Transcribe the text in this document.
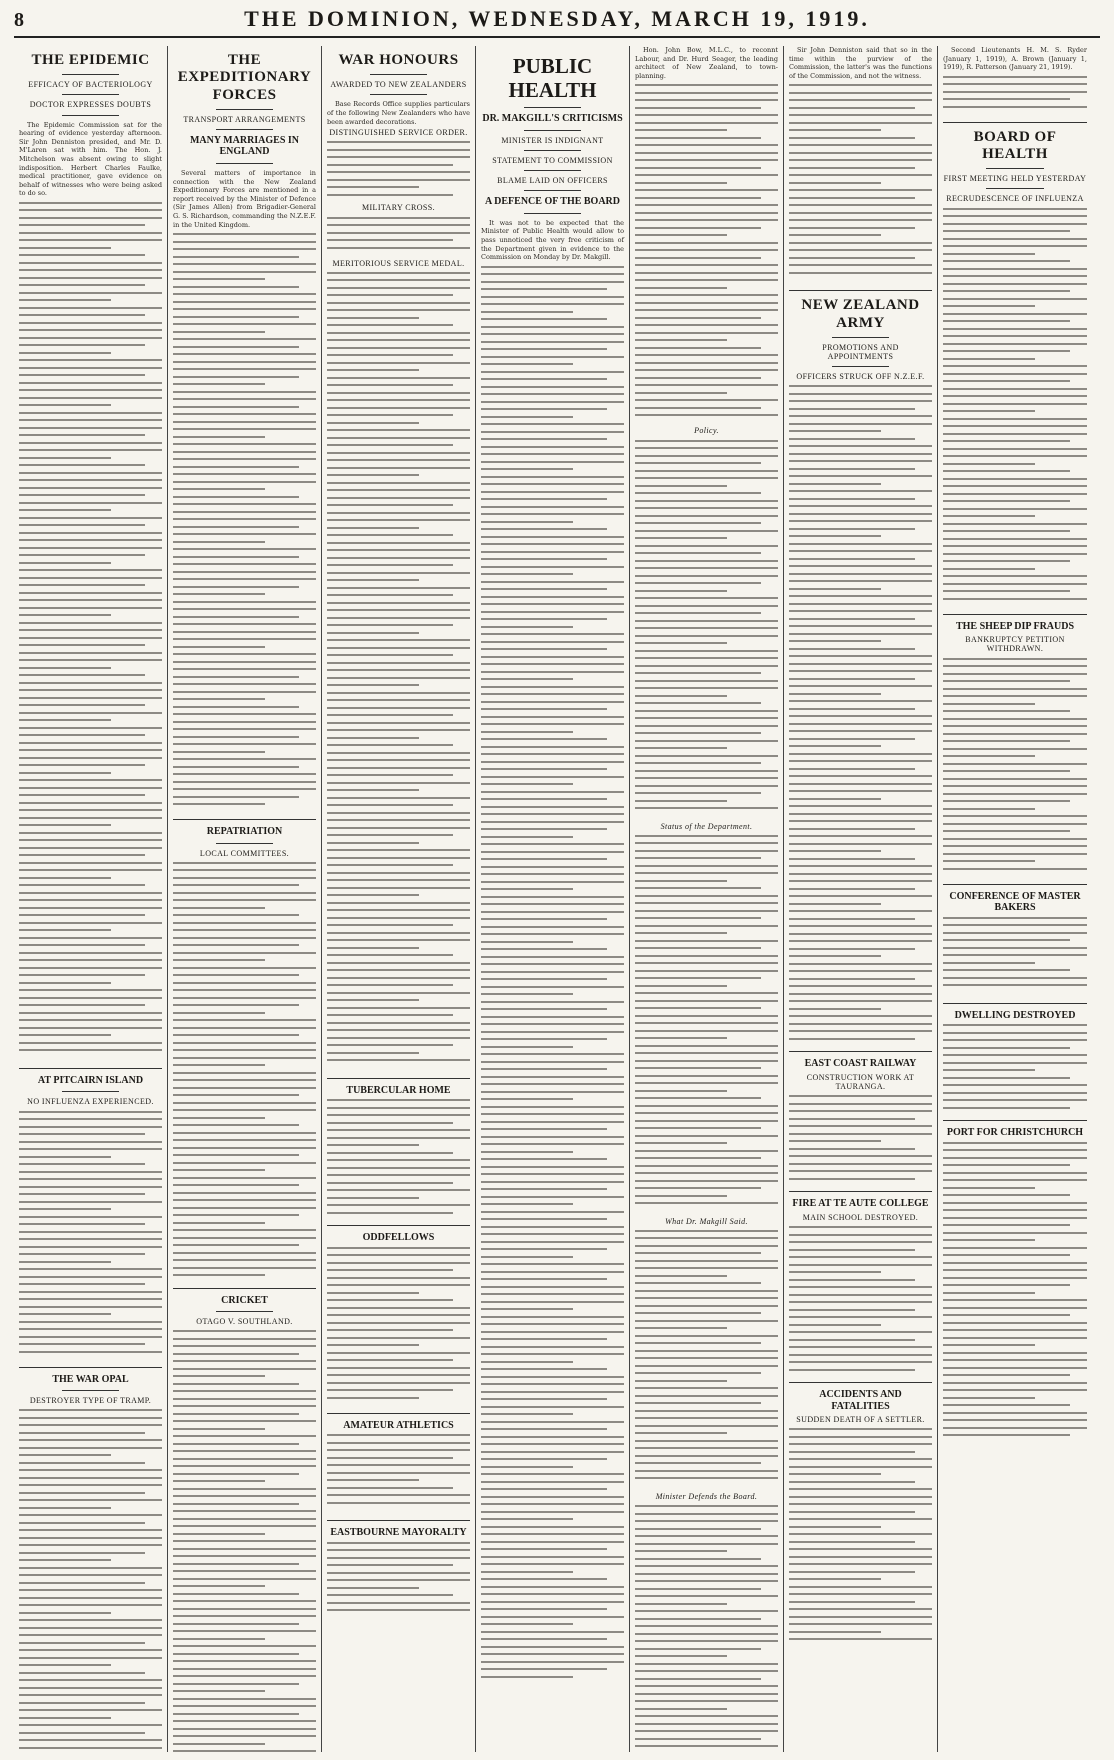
8	THE DOMINION, WEDNESDAY, MARCH 19, 1919.
THE EPIDEMIC
EFFICACY OF BACTERIOLOGY
DOCTOR EXPRESSES DOUBTS

The Epidemic Commission sat for the hearing of evidence yesterday afternoon. Sir John Denniston presided, and Mr. D. M'Laren sat with him. The Hon. J. Mitchelson was absent owing to slight indisposition. Herbert Charles Faulke, medical practitioner, gave evidence on behalf of witnesses who were being asked to do so.

AT PITCAIRN ISLAND
NO INFLUENZA EXPERIENCED.
THE WAR OPAL
DESTROYER TYPE OF TRAMP.
THE EXPEDITIONARY FORCES
TRANSPORT ARRANGEMENTS
MANY MARRIAGES IN ENGLAND

Several matters of importance in connection with the New Zealand Expeditionary Forces are mentioned in a report received by the Minister of Defence (Sir James Allen) from Brigadier-General G. S. Richardson, commanding the N.Z.E.F. in the United Kingdom.

REPATRIATION
LOCAL COMMITTEES.
CRICKET
OTAGO V. SOUTHLAND.
WAR HONOURS
AWARDED TO NEW ZEALANDERS

Base Records Office supplies particulars of the following New Zealanders who have been awarded decorations.

DISTINGUISHED SERVICE ORDER.
MILITARY CROSS.
MERITORIOUS SERVICE MEDAL.
TUBERCULAR HOME
ODDFELLOWS
AMATEUR ATHLETICS
EASTBOURNE MAYORALTY
PUBLIC HEALTH
DR. MAKGILL'S CRITICISMS
MINISTER IS INDIGNANT
STATEMENT TO COMMISSION
BLAME LAID ON OFFICERS
A DEFENCE OF THE BOARD

It was not to be expected that the Minister of Public Health would allow to pass unnoticed the very free criticism of the Department given in evidence to the Commission on Monday by Dr. Makgill.

Hon. John Bow, M.L.C., to reconnt Labour, and Dr. Hurd Seager, the leading architect of New Zealand, to town-planning.

Policy.
Status of the Department.
What Dr. Makgill Said.
Minister Defends the Board.

Sir John Denniston said that so in the time within the purview of the Commission, the latter's was the functions of the Commission, and not the witness.

NEW ZEALAND ARMY
PROMOTIONS AND APPOINTMENTS
OFFICERS STRUCK OFF N.Z.E.F.
EAST COAST RAILWAY
CONSTRUCTION WORK AT TAURANGA.
FIRE AT TE AUTE COLLEGE
MAIN SCHOOL DESTROYED.
ACCIDENTS AND FATALITIES
SUDDEN DEATH OF A SETTLER.

Second Lieutenants H. M. S. Ryder (January 1, 1919), A. Brown (January 1, 1919), R. Patterson (January 21, 1919).

BOARD OF HEALTH
FIRST MEETING HELD YESTERDAY
RECRUDESCENCE OF INFLUENZA
THE SHEEP DIP FRAUDS
BANKRUPTCY PETITION WITHDRAWN.
CONFERENCE OF MASTER BAKERS
DWELLING DESTROYED
PORT FOR CHRISTCHURCH
